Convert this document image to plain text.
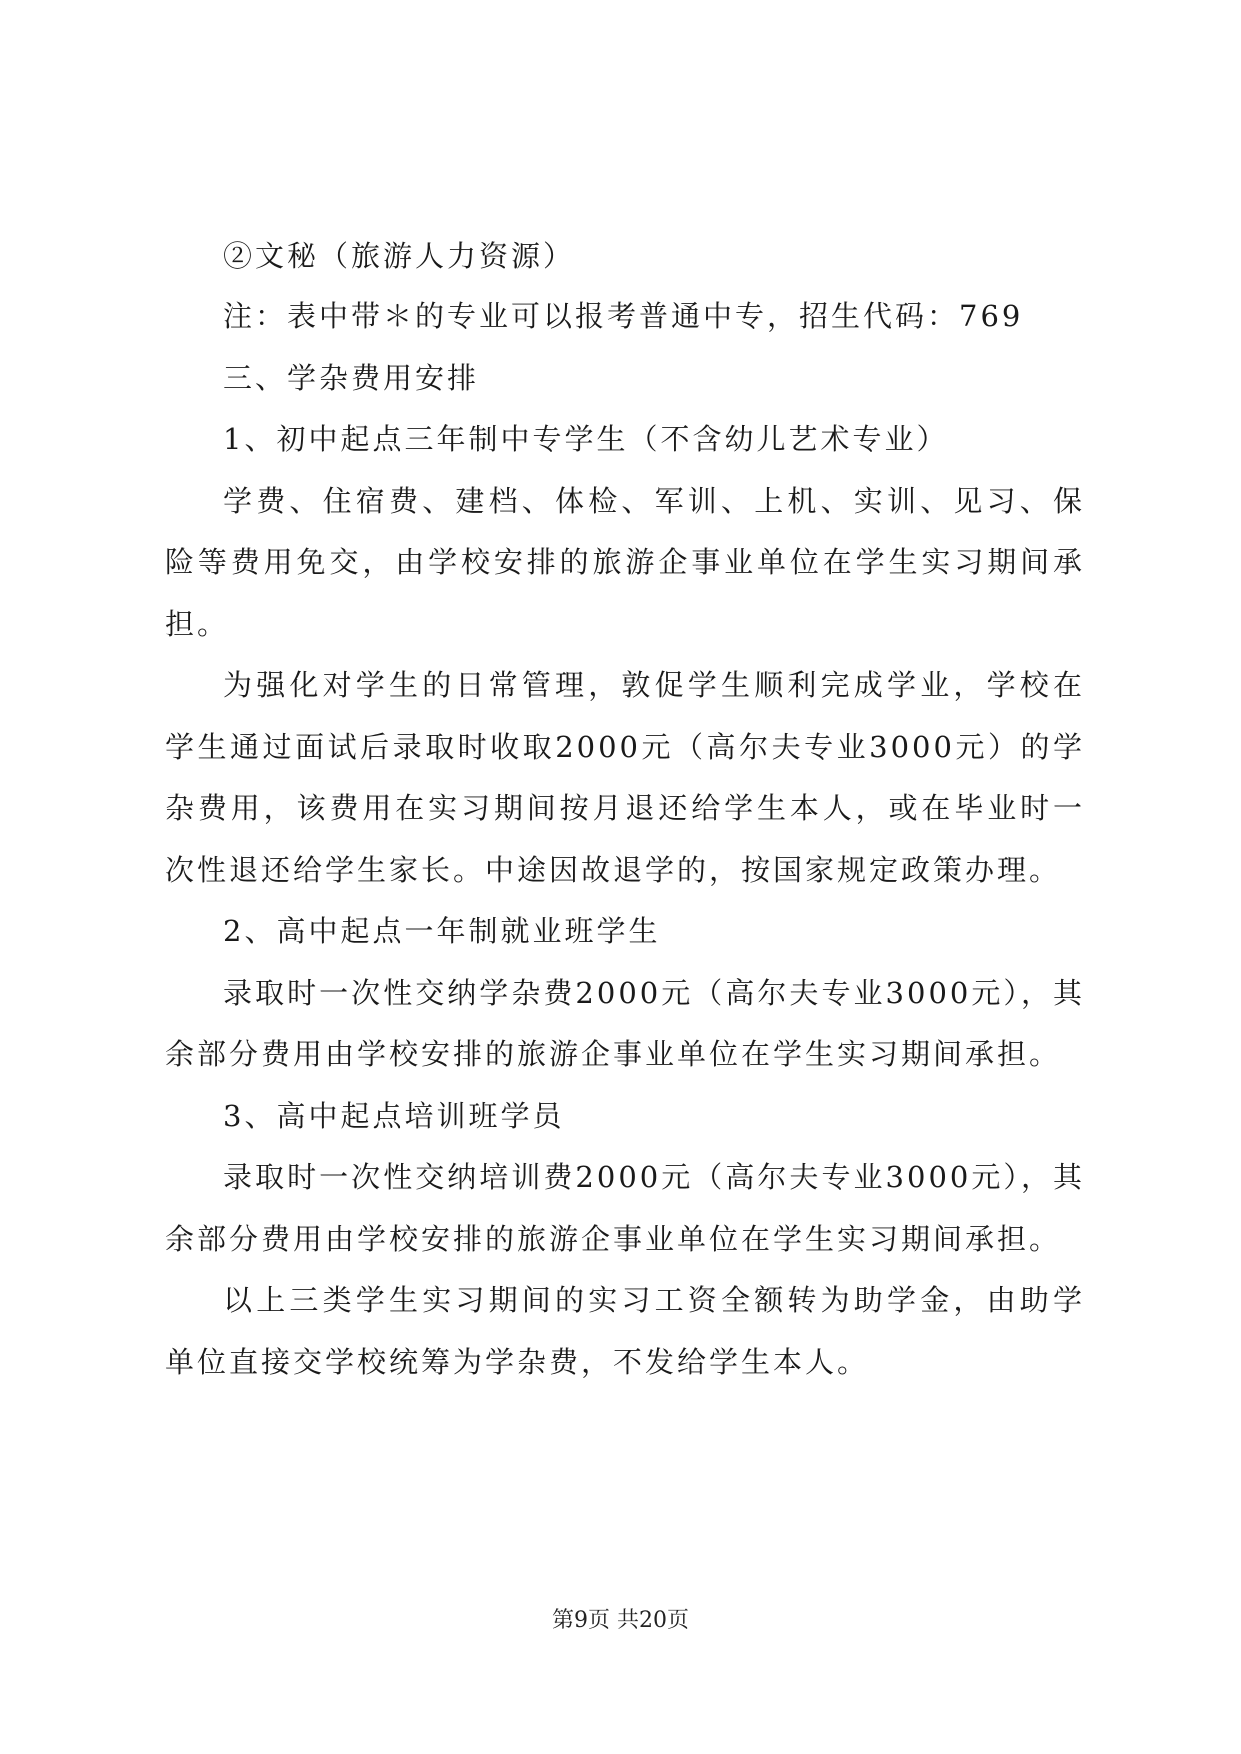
②文秘（旅游人力资源）

注：表中带＊的专业可以报考普通中专，招生代码：769

三、学杂费用安排

1、初中起点三年制中专学生（不含幼儿艺术专业）

学费、住宿费、建档、体检、军训、上机、实训、见习、保险等费用免交，由学校安排的旅游企事业单位在学生实习期间承担。

为强化对学生的日常管理，敦促学生顺利完成学业，学校在学生通过面试后录取时收取2000元（高尔夫专业3000元）的学杂费用，该费用在实习期间按月退还给学生本人，或在毕业时一次性退还给学生家长。中途因故退学的，按国家规定政策办理。

2、高中起点一年制就业班学生

录取时一次性交纳学杂费2000元（高尔夫专业3000元），其余部分费用由学校安排的旅游企事业单位在学生实习期间承担。

3、高中起点培训班学员

录取时一次性交纳培训费2000元（高尔夫专业3000元），其余部分费用由学校安排的旅游企事业单位在学生实习期间承担。

以上三类学生实习期间的实习工资全额转为助学金，由助学单位直接交学校统筹为学杂费，不发给学生本人。

第9页 共20页
